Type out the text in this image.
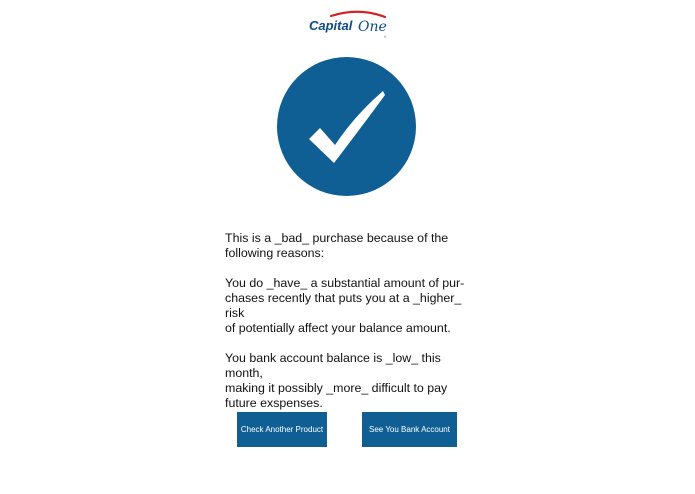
Capital One
®

This is a _bad_ purchase because of the
following reasons:

You do _have_ a substantial amount of pur-
chases recently that puts you at a _higher_ risk
of potentially affect your balance amount.

You bank account balance is _low_ this month,
making it possibly _more_ difficult to pay
future exspenses.

Check Another Product	See You Bank Account
